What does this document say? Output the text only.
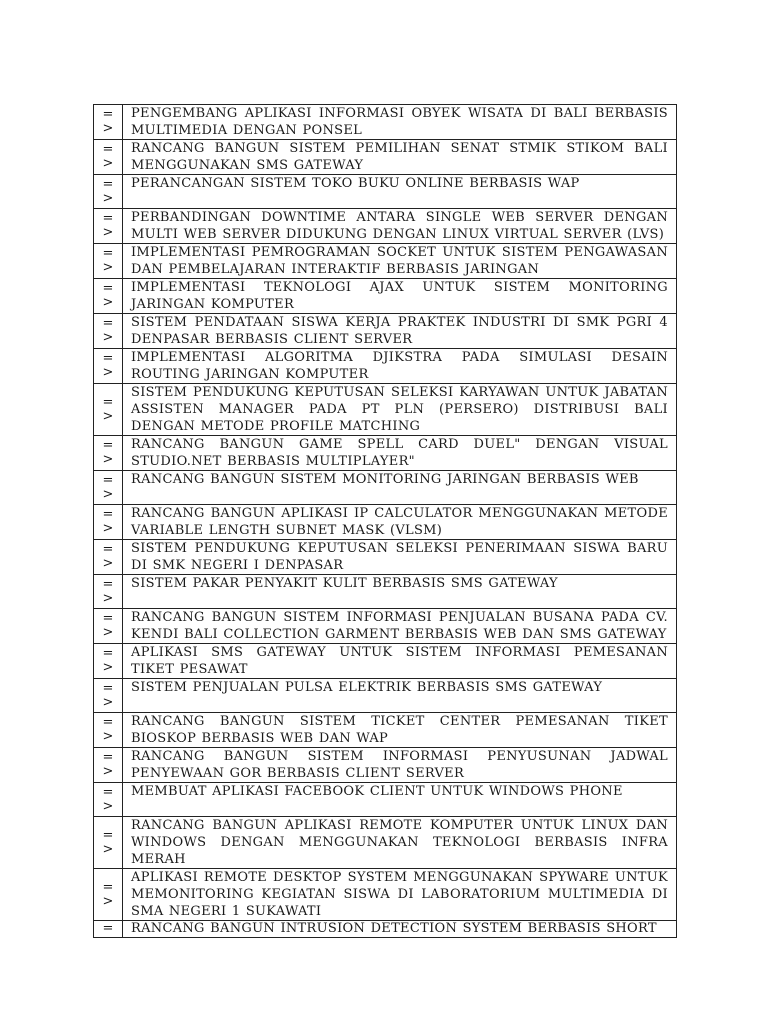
=
>	PENGEMBANG APLIKASI INFORMASI OBYEK WISATA DI BALI BERBASIS MULTIMEDIA DENGAN PONSEL

=
>	RANCANG BANGUN SISTEM PEMILIHAN SENAT STMIK STIKOM BALI MENGGUNAKAN SMS GATEWAY

=
>	PERANCANGAN SISTEM TOKO BUKU ONLINE BERBASIS WAP

=
>	PERBANDINGAN DOWNTIME ANTARA SINGLE WEB SERVER DENGAN MULTI WEB SERVER DIDUKUNG DENGAN LINUX VIRTUAL SERVER (LVS)

=
>	IMPLEMENTASI PEMROGRAMAN SOCKET UNTUK SISTEM PENGAWASAN DAN PEMBELAJARAN INTERAKTIF BERBASIS JARINGAN

=
>	IMPLEMENTASI TEKNOLOGI AJAX UNTUK SISTEM MONITORING JARINGAN KOMPUTER

=
>	SISTEM PENDATAAN SISWA KERJA PRAKTEK INDUSTRI DI SMK PGRI 4 DENPASAR BERBASIS CLIENT SERVER

=
>	IMPLEMENTASI ALGORITMA DJIKSTRA PADA SIMULASI DESAIN ROUTING JARINGAN KOMPUTER

=
>	SISTEM PENDUKUNG KEPUTUSAN SELEKSI KARYAWAN UNTUK JABATAN ASSISTEN MANAGER PADA PT PLN (PERSERO) DISTRIBUSI BALI DENGAN METODE PROFILE MATCHING

=
>	RANCANG BANGUN GAME SPELL CARD DUEL" DENGAN VISUAL STUDIO.NET BERBASIS MULTIPLAYER"

=
>	RANCANG BANGUN SISTEM MONITORING JARINGAN BERBASIS WEB

=
>	RANCANG BANGUN APLIKASI IP CALCULATOR MENGGUNAKAN METODE VARIABLE LENGTH SUBNET MASK (VLSM)

=
>	SISTEM PENDUKUNG KEPUTUSAN SELEKSI PENERIMAAN SISWA BARU DI SMK NEGERI I DENPASAR

=
>	SISTEM PAKAR PENYAKIT KULIT BERBASIS SMS GATEWAY

=
>	RANCANG BANGUN SISTEM INFORMASI PENJUALAN BUSANA PADA CV. KENDI BALI COLLECTION GARMENT BERBASIS WEB DAN SMS GATEWAY

=
>	APLIKASI SMS GATEWAY UNTUK SISTEM INFORMASI PEMESANAN TIKET PESAWAT

=
>	SISTEM PENJUALAN PULSA ELEKTRIK BERBASIS SMS GATEWAY

=
>	RANCANG BANGUN SISTEM TICKET CENTER PEMESANAN TIKET BIOSKOP BERBASIS WEB DAN WAP

=
>	RANCANG BANGUN SISTEM INFORMASI PENYUSUNAN JADWAL PENYEWAAN GOR BERBASIS CLIENT SERVER

=
>	MEMBUAT APLIKASI FACEBOOK CLIENT UNTUK WINDOWS PHONE

=
>	RANCANG BANGUN APLIKASI REMOTE KOMPUTER UNTUK LINUX DAN WINDOWS DENGAN MENGGUNAKAN TEKNOLOGI BERBASIS INFRA MERAH

=
>	APLIKASI REMOTE DESKTOP SYSTEM MENGGUNAKAN SPYWARE UNTUK MEMONITORING KEGIATAN SISWA DI LABORATORIUM MULTIMEDIA DI SMA NEGERI 1 SUKAWATI

=	RANCANG BANGUN INTRUSION DETECTION SYSTEM BERBASIS SHORT
